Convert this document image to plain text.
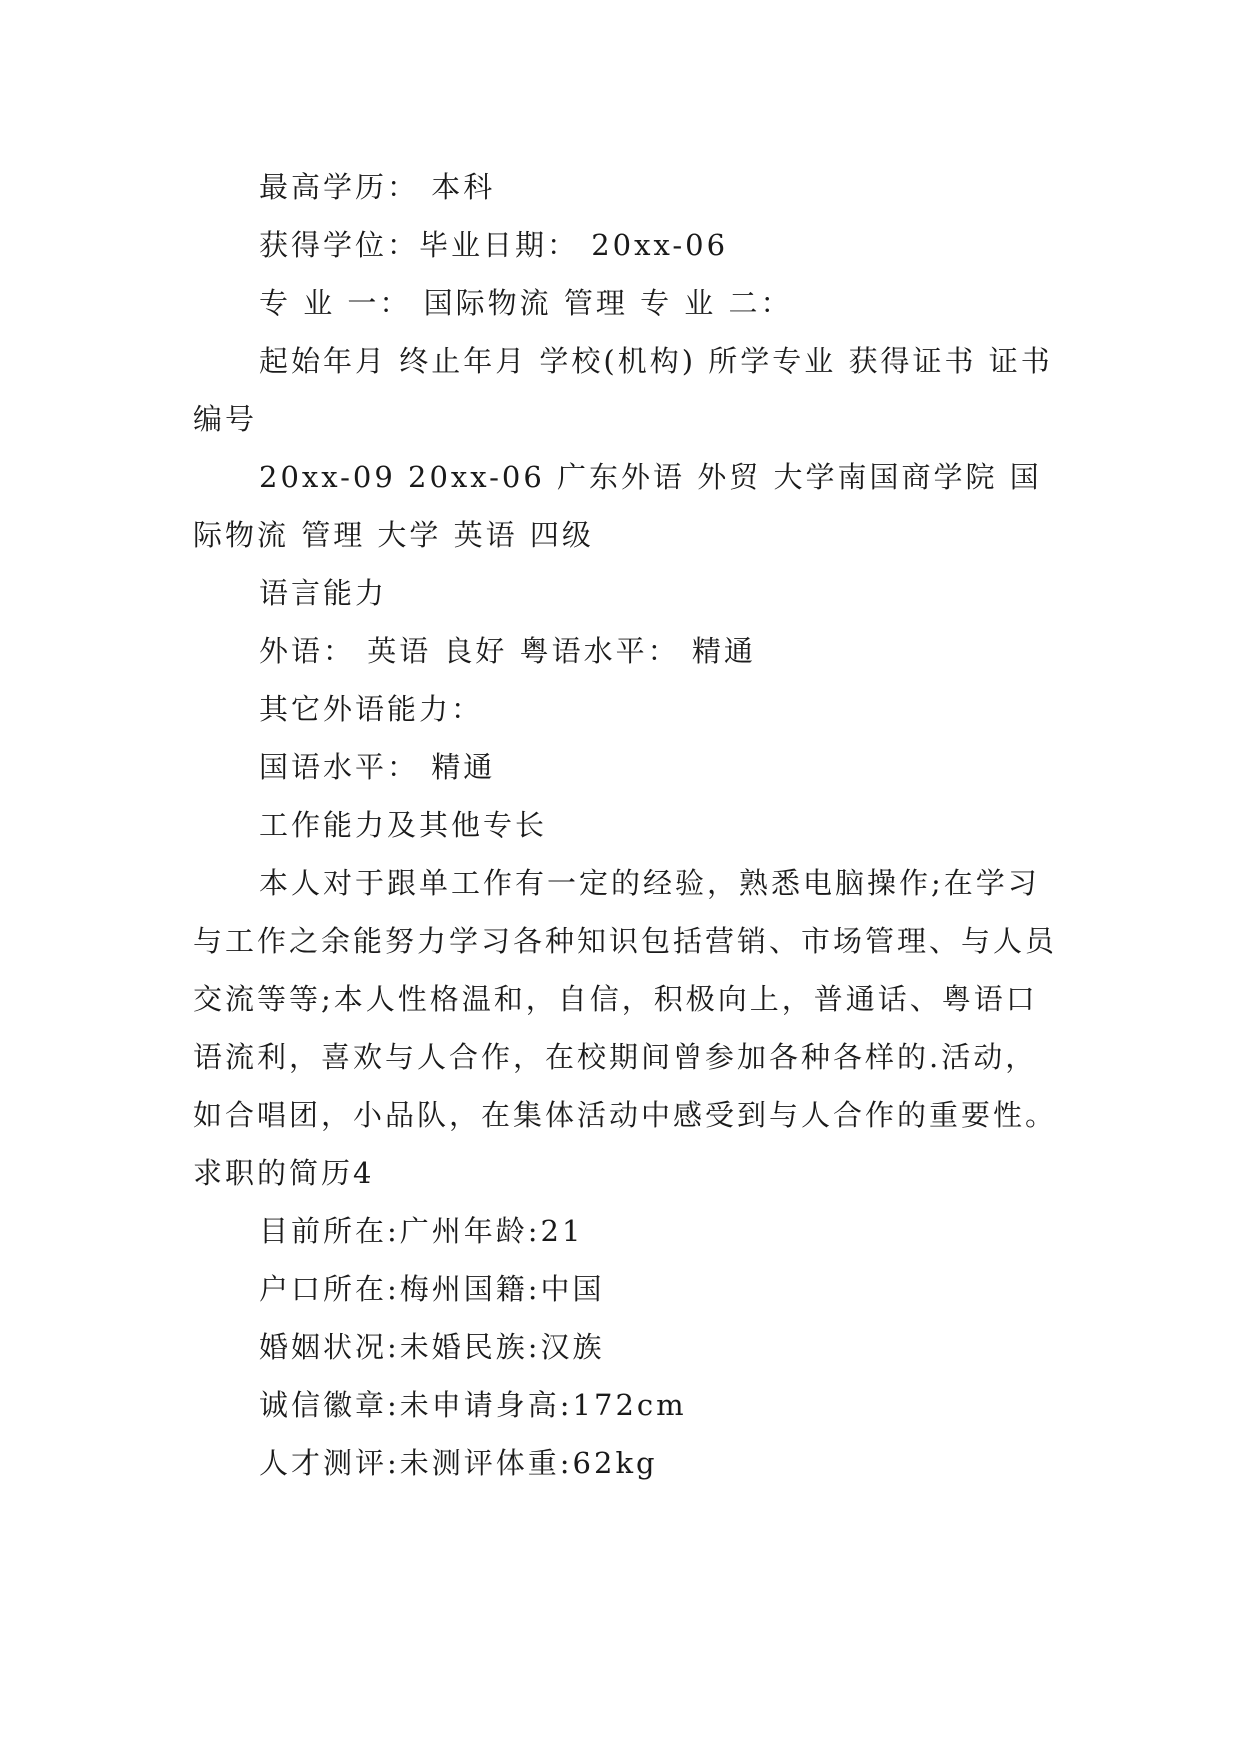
最高学历： 本科

获得学位：毕业日期： 20xx-06

专 业 一： 国际物流 管理 专 业 二：

起始年月 终止年月 学校(机构) 所学专业 获得证书 证书编号

20xx-09 20xx-06 广东外语 外贸 大学南国商学院 国际物流 管理 大学 英语 四级

语言能力

外语： 英语 良好 粤语水平： 精通

其它外语能力：

国语水平： 精通

工作能力及其他专长

本人对于跟单工作有一定的经验，熟悉电脑操作;在学习与工作之余能努力学习各种知识包括营销、市场管理、与人员交流等等;本人性格温和，自信，积极向上，普通话、粤语口语流利，喜欢与人合作，在校期间曾参加各种各样的.活动，如合唱团，小品队，在集体活动中感受到与人合作的重要性。

求职的简历4

目前所在:广州年龄:21

户口所在:梅州国籍:中国

婚姻状况:未婚民族:汉族

诚信徽章:未申请身高:172cm

人才测评:未测评体重:62kg
